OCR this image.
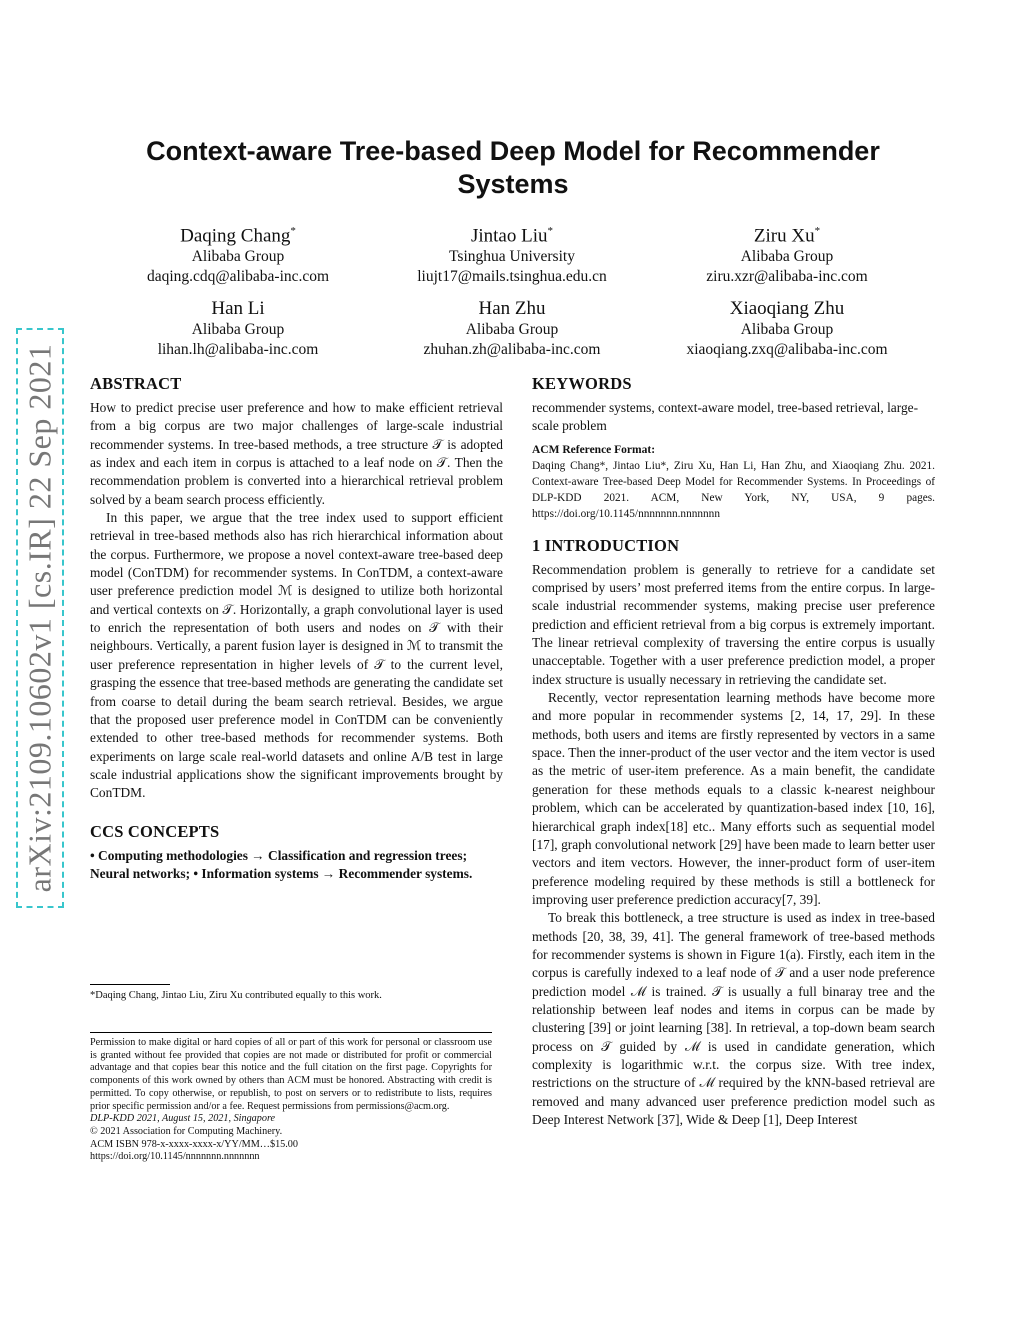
arXiv:2109.10602v1 [cs.IR] 22 Sep 2021
Context-aware Tree-based Deep Model for Recommender Systems
Daqing Chang*
Alibaba Group
daqing.cdq@alibaba-inc.com
Jintao Liu*
Tsinghua University
liujt17@mails.tsinghua.edu.cn
Ziru Xu*
Alibaba Group
ziru.xzr@alibaba-inc.com
Han Li
Alibaba Group
lihan.lh@alibaba-inc.com
Han Zhu
Alibaba Group
zhuhan.zh@alibaba-inc.com
Xiaoqiang Zhu
Alibaba Group
xiaoqiang.zxq@alibaba-inc.com
ABSTRACT

How to predict precise user preference and how to make efficient retrieval from a big corpus are two major challenges of large-scale industrial recommender systems. In tree-based methods, a tree structure 𝒯 is adopted as index and each item in corpus is attached to a leaf node on 𝒯. Then the recommendation problem is converted into a hierarchical retrieval problem solved by a beam search process efficiently.

In this paper, we argue that the tree index used to support efficient retrieval in tree-based methods also has rich hierarchical information about the corpus. Furthermore, we propose a novel context-aware tree-based deep model (ConTDM) for recommender systems. In ConTDM, a context-aware user preference prediction model ℳ is designed to utilize both horizontal and vertical contexts on 𝒯. Horizontally, a graph convolutional layer is used to enrich the representation of both users and nodes on 𝒯 with their neighbours. Vertically, a parent fusion layer is designed in ℳ to transmit the user preference representation in higher levels of 𝒯 to the current level, grasping the essence that tree-based methods are generating the candidate set from coarse to detail during the beam search retrieval. Besides, we argue that the proposed user preference model in ConTDM can be conveniently extended to other tree-based methods for recommender systems. Both experiments on large scale real-world datasets and online A/B test in large scale industrial applications show the significant improvements brought by ConTDM.

CCS CONCEPTS

• Computing methodologies → Classification and regression trees; Neural networks; • Information systems → Recommender systems.

*Daqing Chang, Jintao Liu, Ziru Xu contributed equally to this work.

Permission to make digital or hard copies of all or part of this work for personal or classroom use is granted without fee provided that copies are not made or distributed for profit or commercial advantage and that copies bear this notice and the full citation on the first page. Copyrights for components of this work owned by others than ACM must be honored. Abstracting with credit is permitted. To copy otherwise, or republish, to post on servers or to redistribute to lists, requires prior specific permission and/or a fee. Request permissions from permissions@acm.org.

DLP-KDD 2021, August 15, 2021, Singapore

© 2021 Association for Computing Machinery.

ACM ISBN 978-x-xxxx-xxxx-x/YY/MM…$15.00

https://doi.org/10.1145/nnnnnnn.nnnnnnn

KEYWORDS

recommender systems, context-aware model, tree-based retrieval, large-scale problem

ACM Reference Format:

Daqing Chang*, Jintao Liu*, Ziru Xu, Han Li, Han Zhu, and Xiaoqiang Zhu. 2021. Context-aware Tree-based Deep Model for Recommender Systems. In Proceedings of DLP-KDD 2021. ACM, New York, NY, USA, 9 pages. https://doi.org/10.1145/nnnnnnn.nnnnnnn

1 INTRODUCTION

Recommendation problem is generally to retrieve for a candidate set comprised by users’ most preferred items from the entire corpus. In large-scale industrial recommender systems, making precise user preference prediction and efficient retrieval from a big corpus is extremely important. The linear retrieval complexity of traversing the entire corpus is usually unacceptable. Together with a user preference prediction model, a proper index structure is usually necessary in retrieving the candidate set.

Recently, vector representation learning methods have become more and more popular in recommender systems [2, 14, 17, 29]. In these methods, both users and items are firstly represented by vectors in a same space. Then the inner-product of the user vector and the item vector is used as the metric of user-item preference. As a main benefit, the candidate generation for these methods equals to a classic k-nearest neighbour problem, which can be accelerated by quantization-based index [10, 16], hierarchical graph index[18] etc.. Many efforts such as sequential model [17], graph convolutional network [29] have been made to learn better user vectors and item vectors. However, the inner-product form of user-item preference modeling required by these methods is still a bottleneck for improving user preference prediction accuracy[7, 39].

To break this bottleneck, a tree structure is used as index in tree-based methods [20, 38, 39, 41]. The general framework of tree-based methods for recommender systems is shown in Figure 1(a). Firstly, each item in the corpus is carefully indexed to a leaf node of 𝒯 and a user node preference prediction model ℳ is trained. 𝒯 is usually a full binaray tree and the relationship between leaf nodes and items in corpus can be made by clustering [39] or joint learning [38]. In retrieval, a top-down beam search process on 𝒯 guided by ℳ is used in candidate generation, which complexity is logarithmic w.r.t. the corpus size. With tree index, restrictions on the structure of ℳ required by the kNN-based retrieval are removed and many advanced user preference prediction model such as Deep Interest Network [37], Wide & Deep [1], Deep Interest
